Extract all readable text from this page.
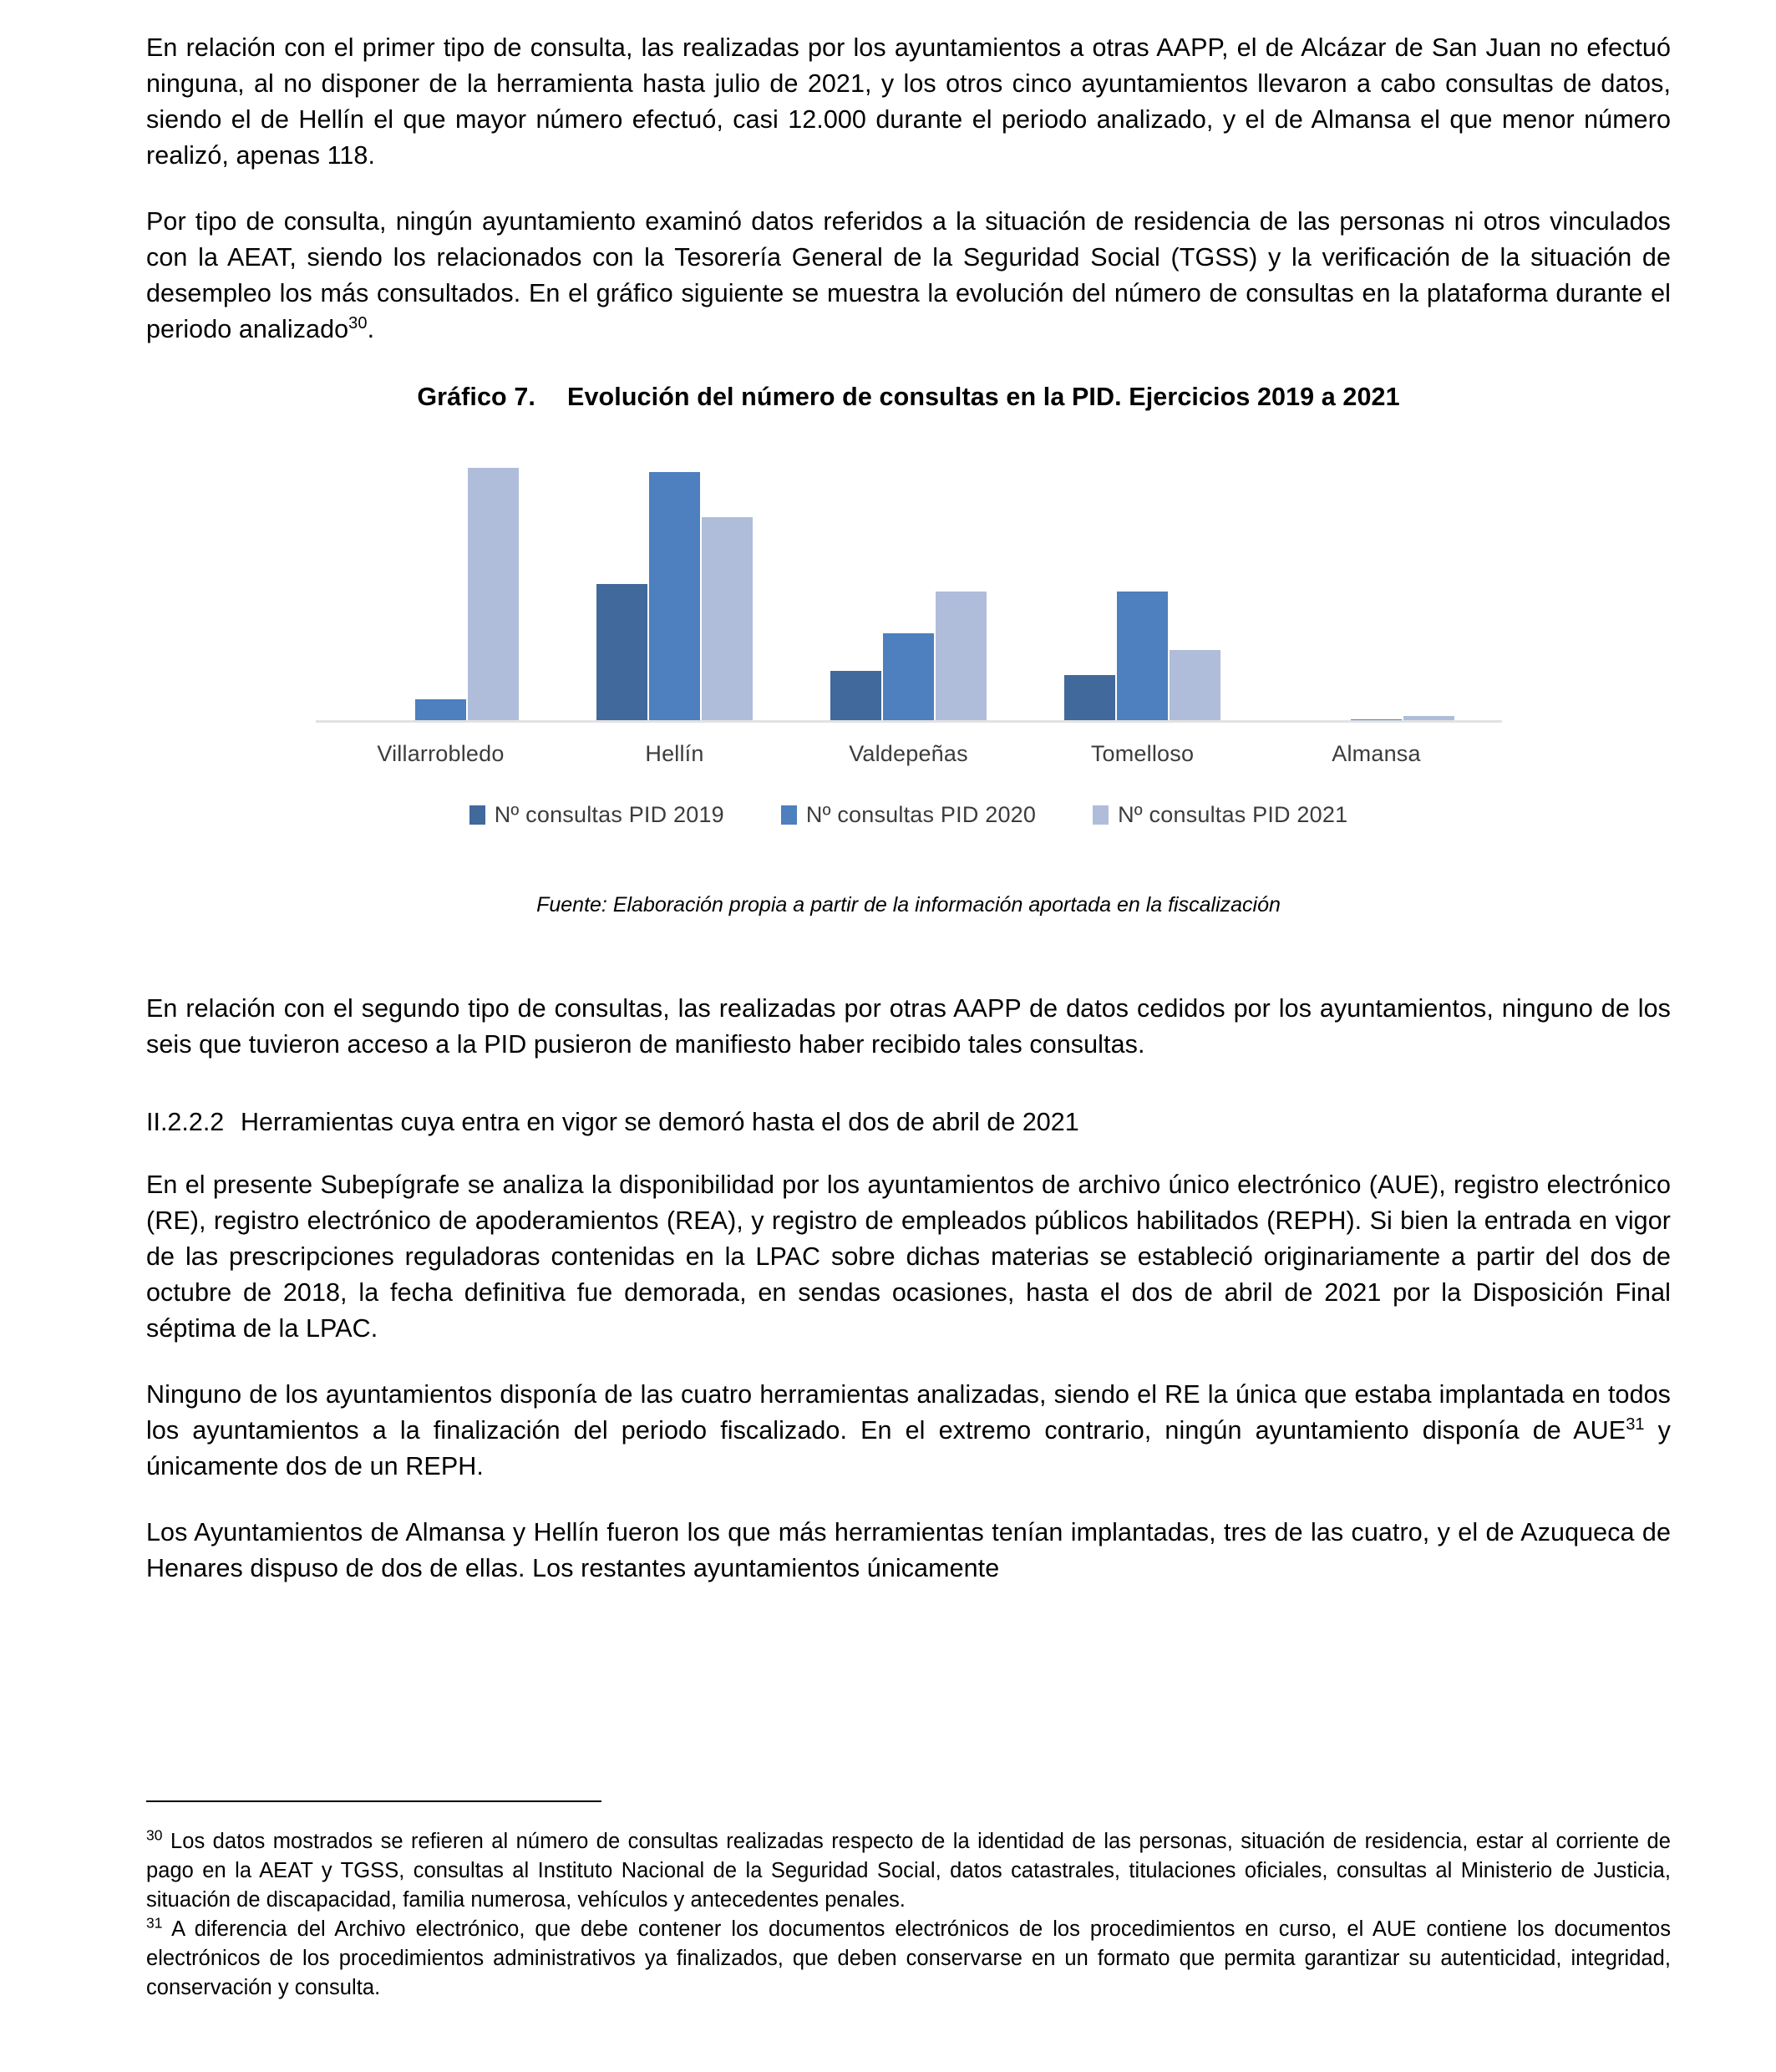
En relación con el primer tipo de consulta, las realizadas por los ayuntamientos a otras AAPP, el de Alcázar de San Juan no efectuó ninguna, al no disponer de la herramienta hasta julio de 2021, y los otros cinco ayuntamientos llevaron a cabo consultas de datos, siendo el de Hellín el que mayor número efectuó, casi 12.000 durante el periodo analizado, y el de Almansa el que menor número realizó, apenas 118.

Por tipo de consulta, ningún ayuntamiento examinó datos referidos a la situación de residencia de las personas ni otros vinculados con la AEAT, siendo los relacionados con la Tesorería General de la Seguridad Social (TGSS) y la verificación de la situación de desempleo los más consultados. En el gráfico siguiente se muestra la evolución del número de consultas en la plataforma durante el periodo analizado$^{30}$.

Gráfico 7. Evolución del número de consultas en la PID. Ejercicios 2019 a 2021
Villarrobledo	Hellín	Valdepeñas	Tomelloso	Almansa
Nº consultas PID 2019	Nº consultas PID 2020	Nº consultas PID 2021
Fuente: Elaboración propia a partir de la información aportada en la fiscalización

En relación con el segundo tipo de consultas, las realizadas por otras AAPP de datos cedidos por los ayuntamientos, ninguno de los seis que tuvieron acceso a la PID pusieron de manifiesto haber recibido tales consultas.

II.2.2.2 Herramientas cuya entra en vigor se demoró hasta el dos de abril de 2021

En el presente Subepígrafe se analiza la disponibilidad por los ayuntamientos de archivo único electrónico (AUE), registro electrónico (RE), registro electrónico de apoderamientos (REA), y registro de empleados públicos habilitados (REPH). Si bien la entrada en vigor de las prescripciones reguladoras contenidas en la LPAC sobre dichas materias se estableció originariamente a partir del dos de octubre de 2018, la fecha definitiva fue demorada, en sendas ocasiones, hasta el dos de abril de 2021 por la Disposición Final séptima de la LPAC.

Ninguno de los ayuntamientos disponía de las cuatro herramientas analizadas, siendo el RE la única que estaba implantada en todos los ayuntamientos a la finalización del periodo fiscalizado. En el extremo contrario, ningún ayuntamiento disponía de AUE$^{31}$ y únicamente dos de un REPH.

Los Ayuntamientos de Almansa y Hellín fueron los que más herramientas tenían implantadas, tres de las cuatro, y el de Azuqueca de Henares dispuso de dos de ellas. Los restantes ayuntamientos únicamente

$^{30}$ Los datos mostrados se refieren al número de consultas realizadas respecto de la identidad de las personas, situación de residencia, estar al corriente de pago en la AEAT y TGSS, consultas al Instituto Nacional de la Seguridad Social, datos catastrales, titulaciones oficiales, consultas al Ministerio de Justicia, situación de discapacidad, familia numerosa, vehículos y antecedentes penales.

$^{31}$ A diferencia del Archivo electrónico, que debe contener los documentos electrónicos de los procedimientos en curso, el AUE contiene los documentos electrónicos de los procedimientos administrativos ya finalizados, que deben conservarse en un formato que permita garantizar su autenticidad, integridad, conservación y consulta.
